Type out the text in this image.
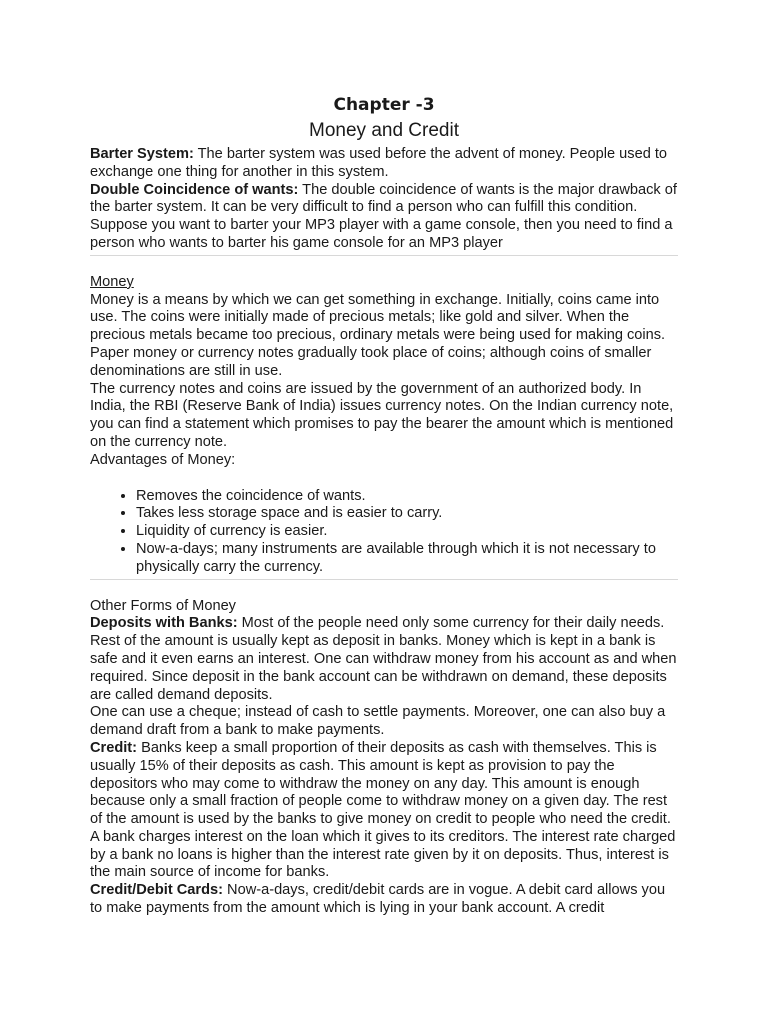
Chapter -3
Money and Credit

Barter System: The barter system was used before the advent of money. People used to exchange one thing for another in this system.

Double Coincidence of wants: The double coincidence of wants is the major drawback of the barter system. It can be very difficult to find a person who can fulfill this condition. Suppose you want to barter your MP3 player with a game console, then you need to find a person who wants to barter his game console for an MP3 player

Money

Money is a means by which we can get something in exchange. Initially, coins came into use. The coins were initially made of precious metals; like gold and silver. When the precious metals became too precious, ordinary metals were being used for making coins. Paper money or currency notes gradually took place of coins; although coins of smaller denominations are still in use.

The currency notes and coins are issued by the government of an authorized body. In India, the RBI (Reserve Bank of India) issues currency notes. On the Indian currency note, you can find a statement which promises to pay the bearer the amount which is mentioned on the currency note.

Advantages of Money:

• Removes the coincidence of wants.
• Takes less storage space and is easier to carry.
• Liquidity of currency is easier.
• Now-a-days; many instruments are available through which it is not necessary to physically carry the currency.

Other Forms of Money

Deposits with Banks: Most of the people need only some currency for their daily needs. Rest of the amount is usually kept as deposit in banks. Money which is kept in a bank is safe and it even earns an interest. One can withdraw money from his account as and when required. Since deposit in the bank account can be withdrawn on demand, these deposits are called demand deposits.

One can use a cheque; instead of cash to settle payments. Moreover, one can also buy a demand draft from a bank to make payments.

Credit: Banks keep a small proportion of their deposits as cash with themselves. This is usually 15% of their deposits as cash. This amount is kept as provision to pay the depositors who may come to withdraw the money on any day. This amount is enough because only a small fraction of people come to withdraw money on a given day. The rest of the amount is used by the banks to give money on credit to people who need the credit. A bank charges interest on the loan which it gives to its creditors. The interest rate charged by a bank no loans is higher than the interest rate given by it on deposits. Thus, interest is the main source of income for banks.

Credit/Debit Cards: Now-a-days, credit/debit cards are in vogue. A debit card allows you to make payments from the amount which is lying in your bank account. A credit
